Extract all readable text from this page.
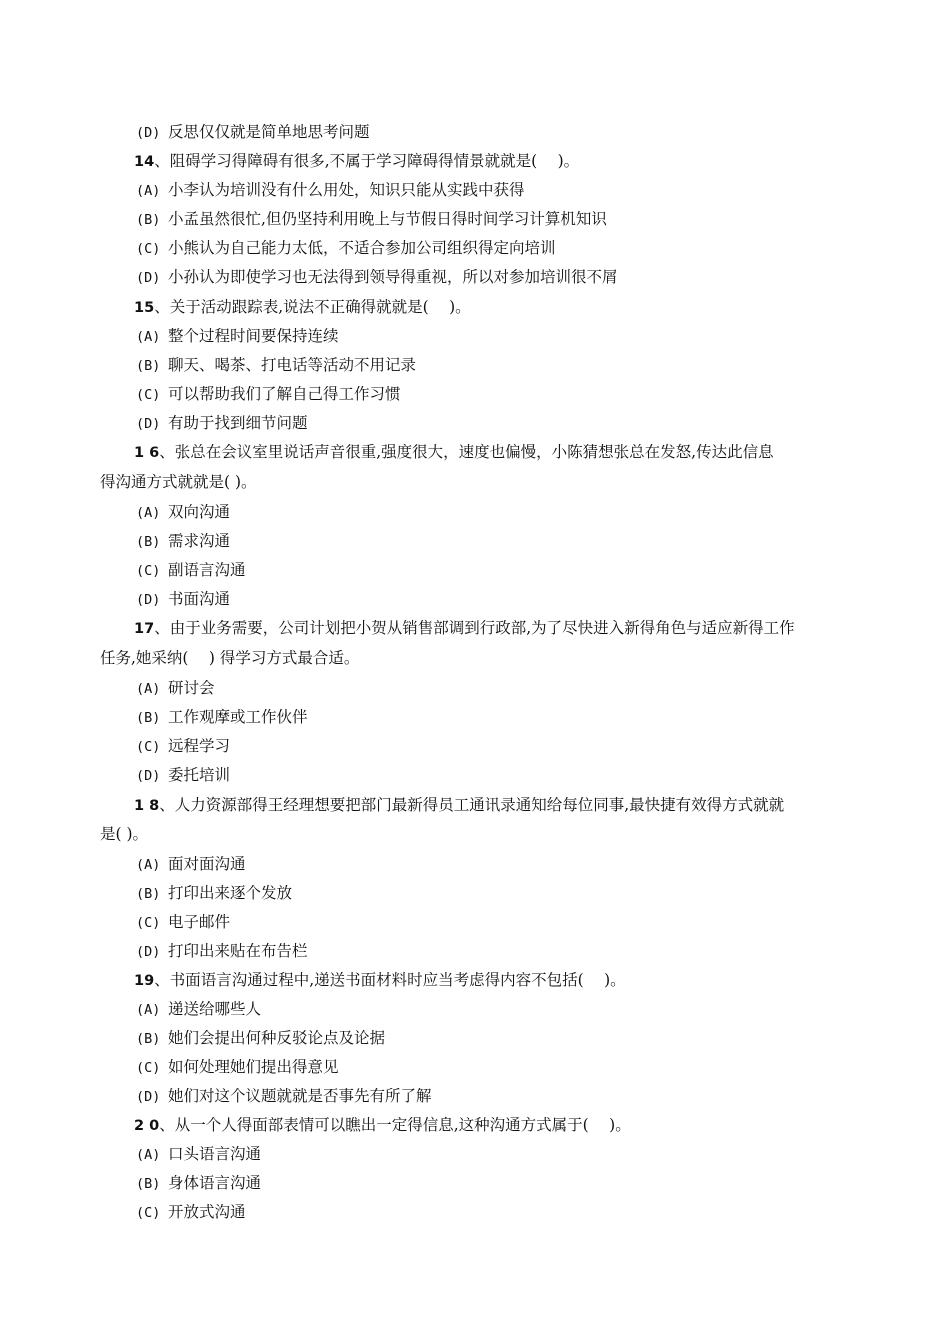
(D) 反思仅仅就是简单地思考问题
14、阻碍学习得障碍有很多,不属于学习障碍得情景就就是(　 )。
(A) 小李认为培训没有什么用处，知识只能从实践中获得
(B) 小孟虽然很忙,但仍坚持利用晚上与节假日得时间学习计算机知识
(C) 小熊认为自己能力太低，不适合参加公司组织得定向培训
(D) 小孙认为即使学习也无法得到领导得重视，所以对参加培训很不屑
15、关于活动跟踪表,说法不正确得就就是(　 )。
(A) 整个过程时间要保持连续
(B) 聊天、喝茶、打电话等活动不用记录
(C) 可以帮助我们了解自己得工作习惯
(D) 有助于找到细节问题
1 6、张总在会议室里说话声音很重,强度很大，速度也偏慢，小陈猜想张总在发怒,传达此信息
得沟通方式就就是( )。
(A) 双向沟通
(B) 需求沟通
(C) 副语言沟通
(D) 书面沟通
17、由于业务需要，公司计划把小贺从销售部调到行政部,为了尽快进入新得角色与适应新得工作
任务,她采纳(　 ) 得学习方式最合适。
(A) 研讨会
(B) 工作观摩或工作伙伴
(C) 远程学习
(D) 委托培训
1 8、人力资源部得王经理想要把部门最新得员工通讯录通知给每位同事,最快捷有效得方式就就
是( )。
(A) 面对面沟通
(B) 打印出来逐个发放
(C) 电子邮件
(D) 打印出来贴在布告栏
19、书面语言沟通过程中,递送书面材料时应当考虑得内容不包括(　 )。
(A) 递送给哪些人
(B) 她们会提出何种反驳论点及论据
(C) 如何处理她们提出得意见
(D) 她们对这个议题就就是否事先有所了解
2 0、从一个人得面部表情可以瞧出一定得信息,这种沟通方式属于(　 )。
(A) 口头语言沟通
(B) 身体语言沟通
(C) 开放式沟通
